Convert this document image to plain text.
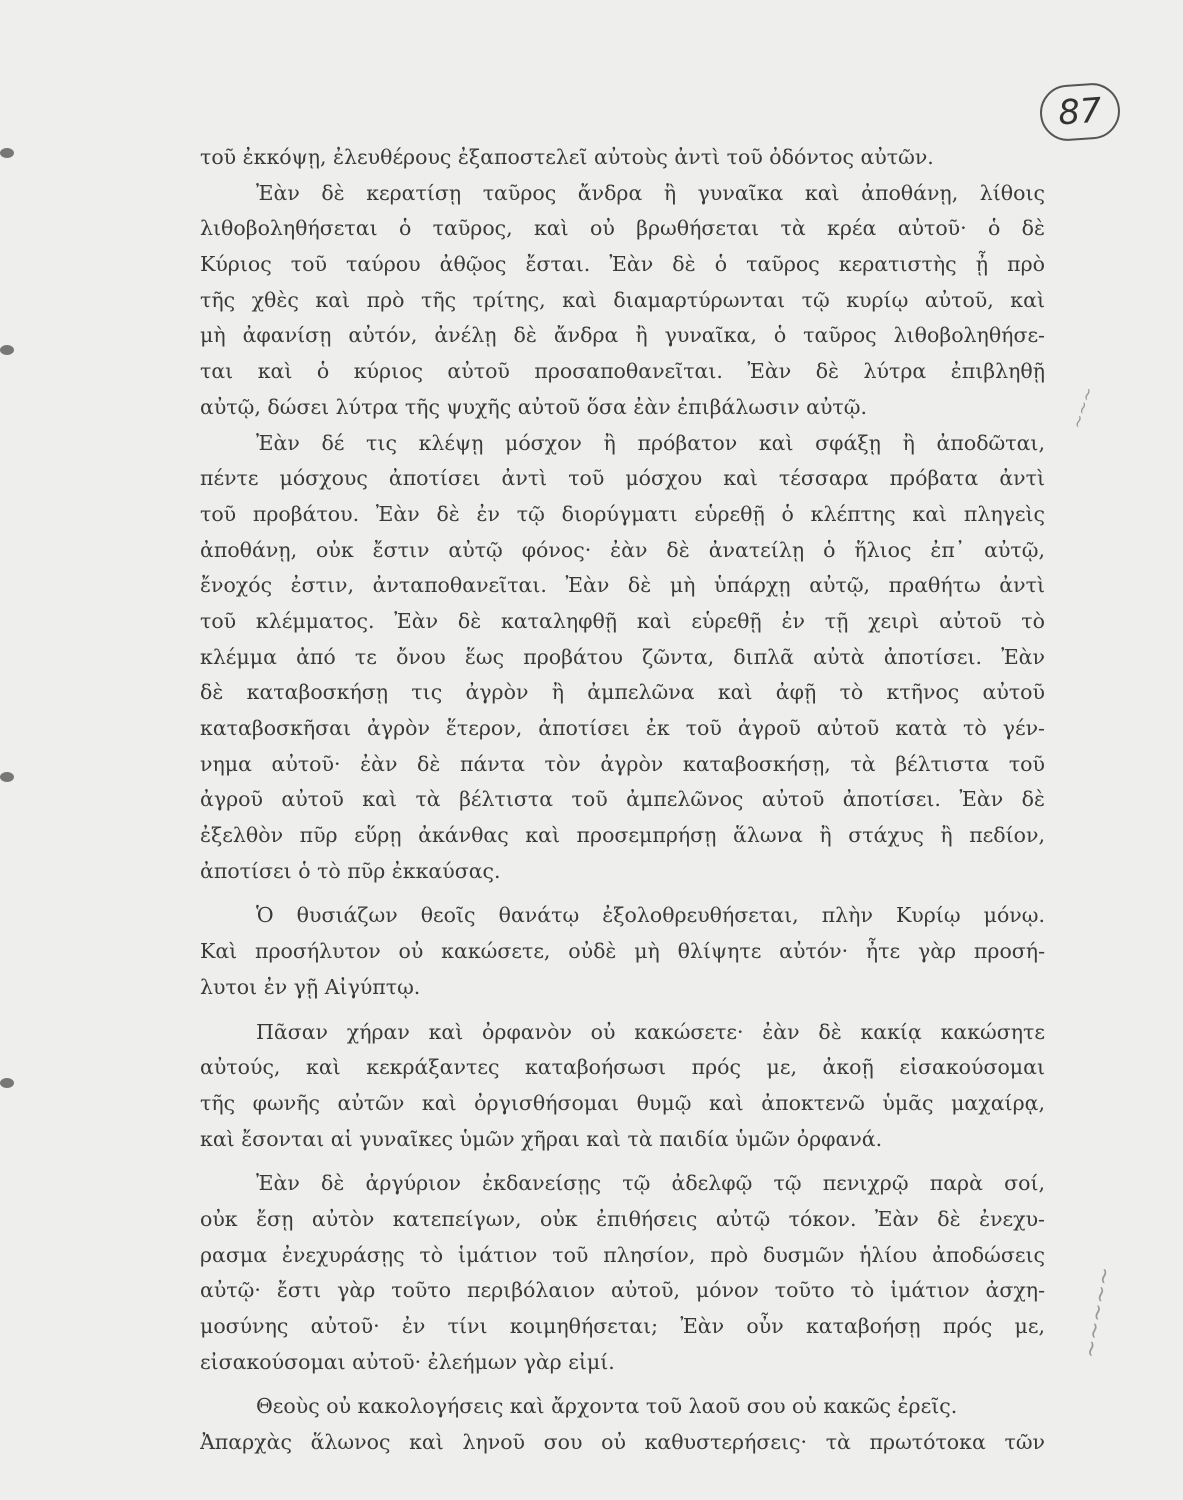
87
~~~
~~~~~
τοῦ ἐκκόψῃ, ἐλευθέρους ἐξαποστελεῖ αὐτοὺς ἀντὶ τοῦ ὀδόντος αὐτῶν.
Ἐὰν δὲ κερατίσῃ ταῦρος ἄνδρα ἢ γυναῖκα καὶ ἀποθάνῃ, λίθοις
λιθοβοληθήσεται ὁ ταῦρος, καὶ οὐ βρωθήσεται τὰ κρέα αὐτοῦ· ὁ δὲ
Κύριος τοῦ ταύρου ἀθῷος ἔσται. Ἐὰν δὲ ὁ ταῦρος κερατιστὴς ᾖ πρὸ
τῆς χθὲς καὶ πρὸ τῆς τρίτης, καὶ διαμαρτύρωνται τῷ κυρίῳ αὐτοῦ, καὶ
μὴ ἀφανίσῃ αὐτόν, ἀνέλῃ δὲ ἄνδρα ἢ γυναῖκα, ὁ ταῦρος λιθοβοληθήσε-
ται καὶ ὁ κύριος αὐτοῦ προσαποθανεῖται. Ἐὰν δὲ λύτρα ἐπιβληθῇ
αὐτῷ, δώσει λύτρα τῆς ψυχῆς αὐτοῦ ὅσα ἐὰν ἐπιβάλωσιν αὐτῷ.
Ἐὰν δέ τις κλέψῃ μόσχον ἢ πρόβατον καὶ σφάξῃ ἢ ἀποδῶται,
πέντε μόσχους ἀποτίσει ἀντὶ τοῦ μόσχου καὶ τέσσαρα πρόβατα ἀντὶ
τοῦ προβάτου. Ἐὰν δὲ ἐν τῷ διορύγματι εὑρεθῇ ὁ κλέπτης καὶ πληγεὶς
ἀποθάνῃ, οὐκ ἔστιν αὐτῷ φόνος· ἐὰν δὲ ἀνατείλῃ ὁ ἥλιος ἐπ᾽ αὐτῷ,
ἔνοχός ἐστιν, ἀνταποθανεῖται. Ἐὰν δὲ μὴ ὑπάρχῃ αὐτῷ, πραθήτω ἀντὶ
τοῦ κλέμματος. Ἐὰν δὲ καταληφθῇ καὶ εὑρεθῇ ἐν τῇ χειρὶ αὐτοῦ τὸ
κλέμμα ἀπό τε ὄνου ἕως προβάτου ζῶντα, διπλᾶ αὐτὰ ἀποτίσει. Ἐὰν
δὲ καταβοσκήσῃ τις ἀγρὸν ἢ ἀμπελῶνα καὶ ἀφῇ τὸ κτῆνος αὐτοῦ
καταβοσκῆσαι ἀγρὸν ἕτερον, ἀποτίσει ἐκ τοῦ ἀγροῦ αὐτοῦ κατὰ τὸ γέν-
νημα αὐτοῦ· ἐὰν δὲ πάντα τὸν ἀγρὸν καταβοσκήσῃ, τὰ βέλτιστα τοῦ
ἀγροῦ αὐτοῦ καὶ τὰ βέλτιστα τοῦ ἀμπελῶνος αὐτοῦ ἀποτίσει. Ἐὰν δὲ
ἐξελθὸν πῦρ εὕρῃ ἀκάνθας καὶ προσεμπρήσῃ ἅλωνα ἢ στάχυς ἢ πεδίον,
ἀποτίσει ὁ τὸ πῦρ ἐκκαύσας.
Ὁ θυσιάζων θεοῖς θανάτῳ ἐξολοθρευθήσεται, πλὴν Κυρίῳ μόνῳ.
Καὶ προσήλυτον οὐ κακώσετε, οὐδὲ μὴ θλίψητε αὐτόν· ἦτε γὰρ προσή-
λυτοι ἐν γῇ Αἰγύπτῳ.
Πᾶσαν χήραν καὶ ὀρφανὸν οὐ κακώσετε· ἐὰν δὲ κακίᾳ κακώσητε
αὐτούς, καὶ κεκράξαντες καταβοήσωσι πρός με, ἀκοῇ εἰσακούσομαι
τῆς φωνῆς αὐτῶν καὶ ὀργισθήσομαι θυμῷ καὶ ἀποκτενῶ ὑμᾶς μαχαίρᾳ,
καὶ ἔσονται αἱ γυναῖκες ὑμῶν χῆραι καὶ τὰ παιδία ὑμῶν ὀρφανά.
Ἐὰν δὲ ἀργύριον ἐκδανείσῃς τῷ ἀδελφῷ τῷ πενιχρῷ παρὰ σοί,
οὐκ ἔσῃ αὐτὸν κατεπείγων, οὐκ ἐπιθήσεις αὐτῷ τόκον. Ἐὰν δὲ ἐνεχυ-
ρασμα ἐνεχυράσῃς τὸ ἱμάτιον τοῦ πλησίον, πρὸ δυσμῶν ἡλίου ἀποδώσεις
αὐτῷ· ἔστι γὰρ τοῦτο περιβόλαιον αὐτοῦ, μόνον τοῦτο τὸ ἱμάτιον ἀσχη-
μοσύνης αὐτοῦ· ἐν τίνι κοιμηθήσεται; Ἐὰν οὖν καταβοήσῃ πρός με,
εἰσακούσομαι αὐτοῦ· ἐλεήμων γὰρ εἰμί.
Θεοὺς οὐ κακολογήσεις καὶ ἄρχοντα τοῦ λαοῦ σου οὐ κακῶς ἐρεῖς.
Ἀπαρχὰς ἅλωνος καὶ ληνοῦ σου οὐ καθυστερήσεις· τὰ πρωτότοκα τῶν
